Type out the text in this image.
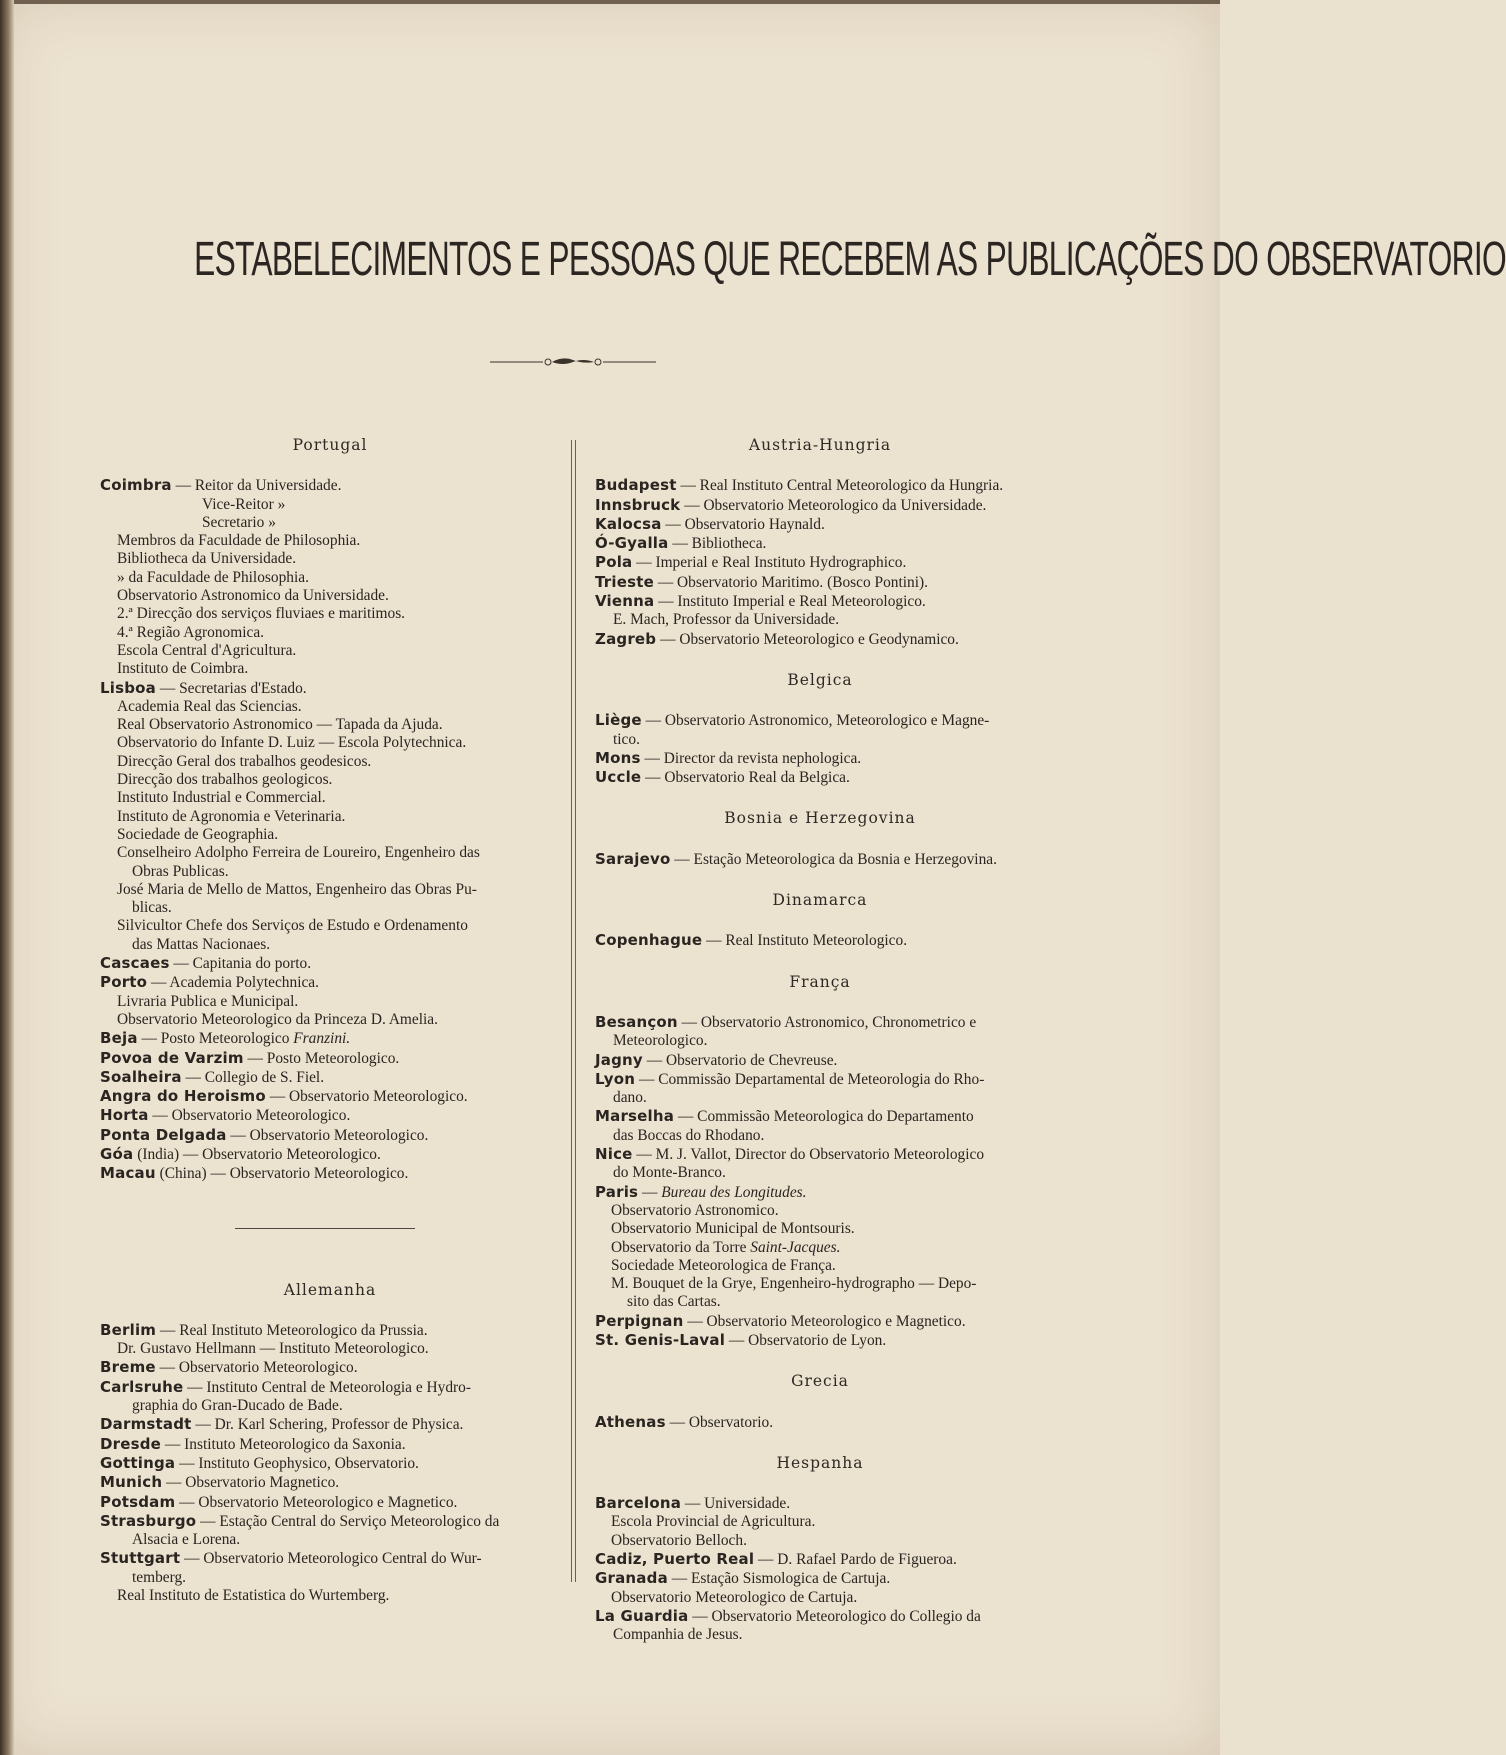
ESTABELECIMENTOS E PESSOAS QUE RECEBEM AS PUBLICAÇÕES DO OBSERVATORIO
Portugal
Coimbra — Reitor da Universidade.
Vice-Reitor »
Secretario »
Membros da Faculdade de Philosophia.
Bibliotheca da Universidade.
» da Faculdade de Philosophia.
Observatorio Astronomico da Universidade.
2.ª Direcção dos serviços fluviaes e maritimos.
4.ª Região Agronomica.
Escola Central d'Agricultura.
Instituto de Coimbra.
Lisboa — Secretarias d'Estado.
Academia Real das Sciencias.
Real Observatorio Astronomico — Tapada da Ajuda.
Observatorio do Infante D. Luiz — Escola Polytechnica.
Direcção Geral dos trabalhos geodesicos.
Direcção dos trabalhos geologicos.
Instituto Industrial e Commercial.
Instituto de Agronomia e Veterinaria.
Sociedade de Geographia.
Conselheiro Adolpho Ferreira de Loureiro, Engenheiro das
Obras Publicas.
José Maria de Mello de Mattos, Engenheiro das Obras Pu-
blicas.
Silvicultor Chefe dos Serviços de Estudo e Ordenamento
das Mattas Nacionaes.
Cascaes — Capitania do porto.
Porto — Academia Polytechnica.
Livraria Publica e Municipal.
Observatorio Meteorologico da Princeza D. Amelia.
Beja — Posto Meteorologico Franzini.
Povoa de Varzim — Posto Meteorologico.
Soalheira — Collegio de S. Fiel.
Angra do Heroismo — Observatorio Meteorologico.
Horta — Observatorio Meteorologico.
Ponta Delgada — Observatorio Meteorologico.
Góa (India) — Observatorio Meteorologico.
Macau (China) — Observatorio Meteorologico.
Allemanha
Berlim — Real Instituto Meteorologico da Prussia.
Dr. Gustavo Hellmann — Instituto Meteorologico.
Breme — Observatorio Meteorologico.
Carlsruhe — Instituto Central de Meteorologia e Hydro-
graphia do Gran-Ducado de Bade.
Darmstadt — Dr. Karl Schering, Professor de Physica.
Dresde — Instituto Meteorologico da Saxonia.
Gottinga — Instituto Geophysico, Observatorio.
Munich — Observatorio Magnetico.
Potsdam — Observatorio Meteorologico e Magnetico.
Strasburgo — Estação Central do Serviço Meteorologico da
Alsacia e Lorena.
Stuttgart — Observatorio Meteorologico Central do Wur-
temberg.
Real Instituto de Estatistica do Wurtemberg.
Austria-Hungria
Budapest — Real Instituto Central Meteorologico da Hungria.
Innsbruck — Observatorio Meteorologico da Universidade.
Kalocsa — Observatorio Haynald.
Ó-Gyalla — Bibliotheca.
Pola — Imperial e Real Instituto Hydrographico.
Trieste — Observatorio Maritimo. (Bosco Pontini).
Vienna — Instituto Imperial e Real Meteorologico.
E. Mach, Professor da Universidade.
Zagreb — Observatorio Meteorologico e Geodynamico.
Belgica
Liège — Observatorio Astronomico, Meteorologico e Magne-
tico.
Mons — Director da revista nephologica.
Uccle — Observatorio Real da Belgica.
Bosnia e Herzegovina
Sarajevo — Estação Meteorologica da Bosnia e Herzegovina.
Dinamarca
Copenhague — Real Instituto Meteorologico.
França
Besançon — Observatorio Astronomico, Chronometrico e
Meteorologico.
Jagny — Observatorio de Chevreuse.
Lyon — Commissão Departamental de Meteorologia do Rho-
dano.
Marselha — Commissão Meteorologica do Departamento
das Boccas do Rhodano.
Nice — M. J. Vallot, Director do Observatorio Meteorologico
do Monte-Branco.
Paris — Bureau des Longitudes.
Observatorio Astronomico.
Observatorio Municipal de Montsouris.
Observatorio da Torre Saint-Jacques.
Sociedade Meteorologica de França.
M. Bouquet de la Grye, Engenheiro-hydrographo — Depo-
sito das Cartas.
Perpignan — Observatorio Meteorologico e Magnetico.
St. Genis-Laval — Observatorio de Lyon.
Grecia
Athenas — Observatorio.
Hespanha
Barcelona — Universidade.
Escola Provincial de Agricultura.
Observatorio Belloch.
Cadiz, Puerto Real — D. Rafael Pardo de Figueroa.
Granada — Estação Sismologica de Cartuja.
Observatorio Meteorologico de Cartuja.
La Guardia — Observatorio Meteorologico do Collegio da
Companhia de Jesus.
